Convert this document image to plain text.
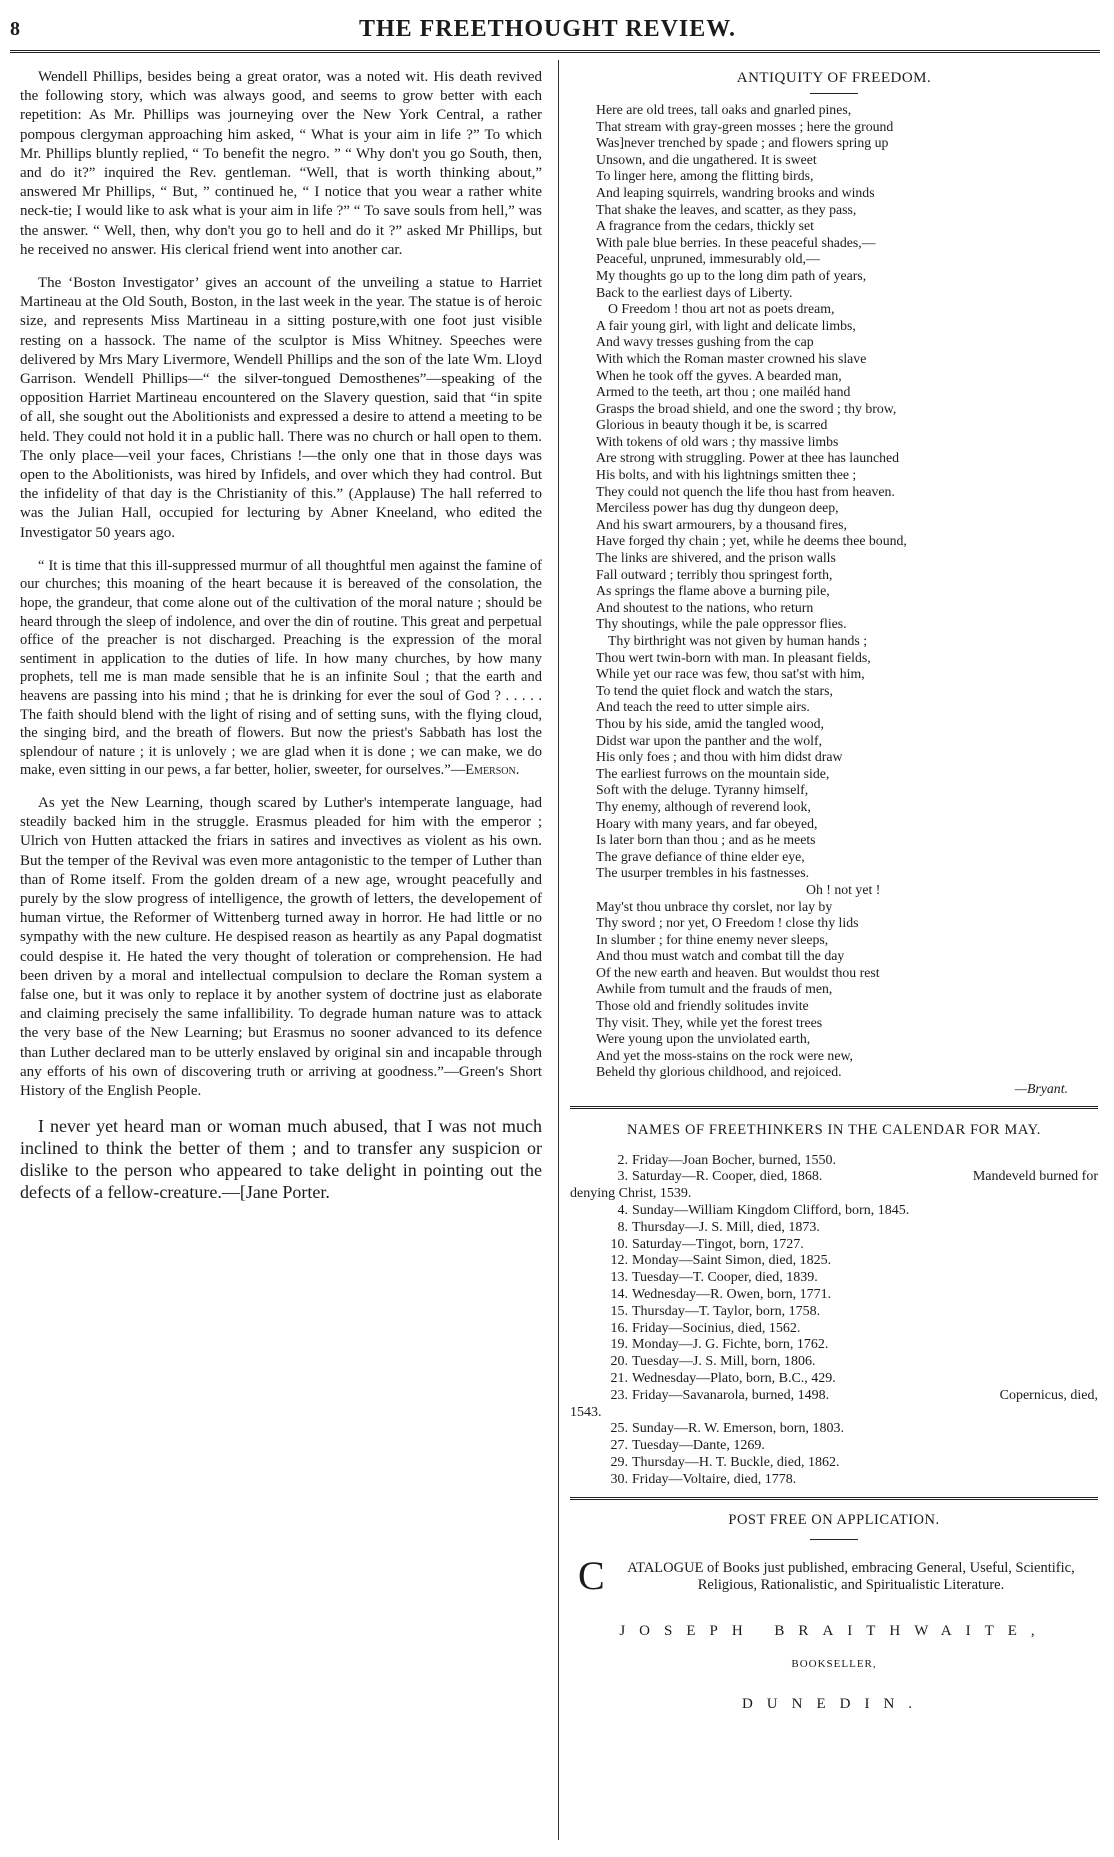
8	THE FREETHOUGHT REVIEW.

Wendell Phillips, besides being a great orator, was a noted wit. His death revived the following story, which was always good, and seems to grow better with each repetition: As Mr. Phillips was journeying over the New York Central, a rather pompous clergyman approaching him asked, “ What is your aim in life ?” To which Mr. Phillips bluntly replied, “ To benefit the negro. ” “ Why don't you go South, then, and do it?” inquired the Rev. gentleman. “Well, that is worth thinking about,” answered Mr Phillips, “ But, ” continued he, “ I notice that you wear a rather white neck-tie; I would like to ask what is your aim in life ?” “ To save souls from hell,” was the answer. “ Well, then, why don't you go to hell and do it ?” asked Mr Phillips, but he received no answer. His clerical friend went into another car.

The ‘Boston Investigator’ gives an account of the unveiling a statue to Harriet Martineau at the Old South, Boston, in the last week in the year. The statue is of heroic size, and represents Miss Martineau in a sitting posture,with one foot just visible resting on a hassock. The name of the sculptor is Miss Whitney. Speeches were delivered by Mrs Mary Livermore, Wendell Phillips and the son of the late Wm. Lloyd Garrison. Wendell Phillips—“ the silver-tongued Demosthenes”—speaking of the opposition Harriet Martineau encountered on the Slavery question, said that “in spite of all, she sought out the Abolitionists and expressed a desire to attend a meeting to be held. They could not hold it in a public hall. There was no church or hall open to them. The only place—veil your faces, Christians !—the only one that in those days was open to the Abolitionists, was hired by Infidels, and over which they had control. But the infidelity of that day is the Christianity of this.” (Applause) The hall referred to was the Julian Hall, occupied for lecturing by Abner Kneeland, who edited the Investigator 50 years ago.

“ It is time that this ill-suppressed murmur of all thoughtful men against the famine of our churches; this moaning of the heart because it is bereaved of the consolation, the hope, the grandeur, that come alone out of the cultivation of the moral nature ; should be heard through the sleep of indolence, and over the din of routine. This great and perpetual office of the preacher is not discharged. Preaching is the expression of the moral sentiment in application to the duties of life. In how many churches, by how many prophets, tell me is man made sensible that he is an infinite Soul ; that the earth and heavens are passing into his mind ; that he is drinking for ever the soul of God ? . . . . . The faith should blend with the light of rising and of setting suns, with the flying cloud, the singing bird, and the breath of flowers. But now the priest's Sabbath has lost the splendour of nature ; it is unlovely ; we are glad when it is done ; we can make, we do make, even sitting in our pews, a far better, holier, sweeter, for ourselves.”—Emerson.

As yet the New Learning, though scared by Luther's intemperate language, had steadily backed him in the struggle. Erasmus pleaded for him with the emperor ; Ulrich von Hutten attacked the friars in satires and invectives as violent as his own. But the temper of the Revival was even more antagonistic to the temper of Luther than than of Rome itself. From the golden dream of a new age, wrought peacefully and purely by the slow progress of intelligence, the growth of letters, the developement of human virtue, the Reformer of Wittenberg turned away in horror. He had little or no sympathy with the new culture. He despised reason as heartily as any Papal dogmatist could despise it. He hated the very thought of toleration or comprehension. He had been driven by a moral and intellectual compulsion to declare the Roman system a false one, but it was only to replace it by another system of doctrine just as elaborate and claiming precisely the same infallibility. To degrade human nature was to attack the very base of the New Learning; but Erasmus no sooner advanced to its defence than Luther declared man to be utterly enslaved by original sin and incapable through any efforts of his own of discovering truth or arriving at goodness.”—Green's Short History of the English People.

I never yet heard man or woman much abused, that I was not much inclined to think the better of them ; and to transfer any suspicion or dislike to the person who appeared to take delight in pointing out the defects of a fellow-creature.—[Jane Porter.

ANTIQUITY OF FREEDOM.
Here are old trees, tall oaks and gnarled pines,
That stream with gray-green mosses ; here the ground
Was]never trenched by spade ; and flowers spring up
Unsown, and die ungathered. It is sweet
To linger here, among the flitting birds,
And leaping squirrels, wandring brooks and winds
That shake the leaves, and scatter, as they pass,
A fragrance from the cedars, thickly set
With pale blue berries. In these peaceful shades,—
Peaceful, unpruned, immesurably old,—
My thoughts go up to the long dim path of years,
Back to the earliest days of Liberty.
O Freedom ! thou art not as poets dream,
A fair young girl, with light and delicate limbs,
And wavy tresses gushing from the cap
With which the Roman master crowned his slave
When he took off the gyves. A bearded man,
Armed to the teeth, art thou ; one mailéd hand
Grasps the broad shield, and one the sword ; thy brow,
Glorious in beauty though it be, is scarred
With tokens of old wars ; thy massive limbs
Are strong with struggling. Power at thee has launched
His bolts, and with his lightnings smitten thee ;
They could not quench the life thou hast from heaven.
Merciless power has dug thy dungeon deep,
And his swart armourers, by a thousand fires,
Have forged thy chain ; yet, while he deems thee bound,
The links are shivered, and the prison walls
Fall outward ; terribly thou springest forth,
As springs the flame above a burning pile,
And shoutest to the nations, who return
Thy shoutings, while the pale oppressor flies.
Thy birthright was not given by human hands ;
Thou wert twin-born with man. In pleasant fields,
While yet our race was few, thou sat'st with him,
To tend the quiet flock and watch the stars,
And teach the reed to utter simple airs.
Thou by his side, amid the tangled wood,
Didst war upon the panther and the wolf,
His only foes ; and thou with him didst draw
The earliest furrows on the mountain side,
Soft with the deluge. Tyranny himself,
Thy enemy, although of reverend look,
Hoary with many years, and far obeyed,
Is later born than thou ; and as he meets
The grave defiance of thine elder eye,
The usurper trembles in his fastnesses.
Oh ! not yet !
May'st thou unbrace thy corslet, nor lay by
Thy sword ; nor yet, O Freedom ! close thy lids
In slumber ; for thine enemy never sleeps,
And thou must watch and combat till the day
Of the new earth and heaven. But wouldst thou rest
Awhile from tumult and the frauds of men,
Those old and friendly solitudes invite
Thy visit. They, while yet the forest trees
Were young upon the unviolated earth,
And yet the moss-stains on the rock were new,
Beheld thy glorious childhood, and rejoiced.
—Bryant.
NAMES OF FREETHINKERS IN THE CALENDAR FOR MAY.
2. Friday—Joan Bocher, burned, 1550.
3. Saturday—R. Cooper, died, 1868.	Mandeveld burned for
denying Christ, 1539.
4. Sunday—William Kingdom Clifford, born, 1845.
8. Thursday—J. S. Mill, died, 1873.
10. Saturday—Tingot, born, 1727.
12. Monday—Saint Simon, died, 1825.
13. Tuesday—T. Cooper, died, 1839.
14. Wednesday—R. Owen, born, 1771.
15. Thursday—T. Taylor, born, 1758.
16. Friday—Socinius, died, 1562.
19. Monday—J. G. Fichte, born, 1762.
20. Tuesday—J. S. Mill, born, 1806.
21. Wednesday—Plato, born, B.C., 429.
23. Friday—Savanarola, burned, 1498.	Copernicus, died,
1543.
25. Sunday—R. W. Emerson, born, 1803.
27. Tuesday—Dante, 1269.
29. Thursday—H. T. Buckle, died, 1862.
30. Friday—Voltaire, died, 1778.
POST FREE ON APPLICATION.
C ATALOGUE of Books just published, embracing General, Useful, Scientific, Religious, Rationalistic, and Spiritualistic Literature.
JOSEPH BRAITHWAITE,
BOOKSELLER,
DUNEDIN.
